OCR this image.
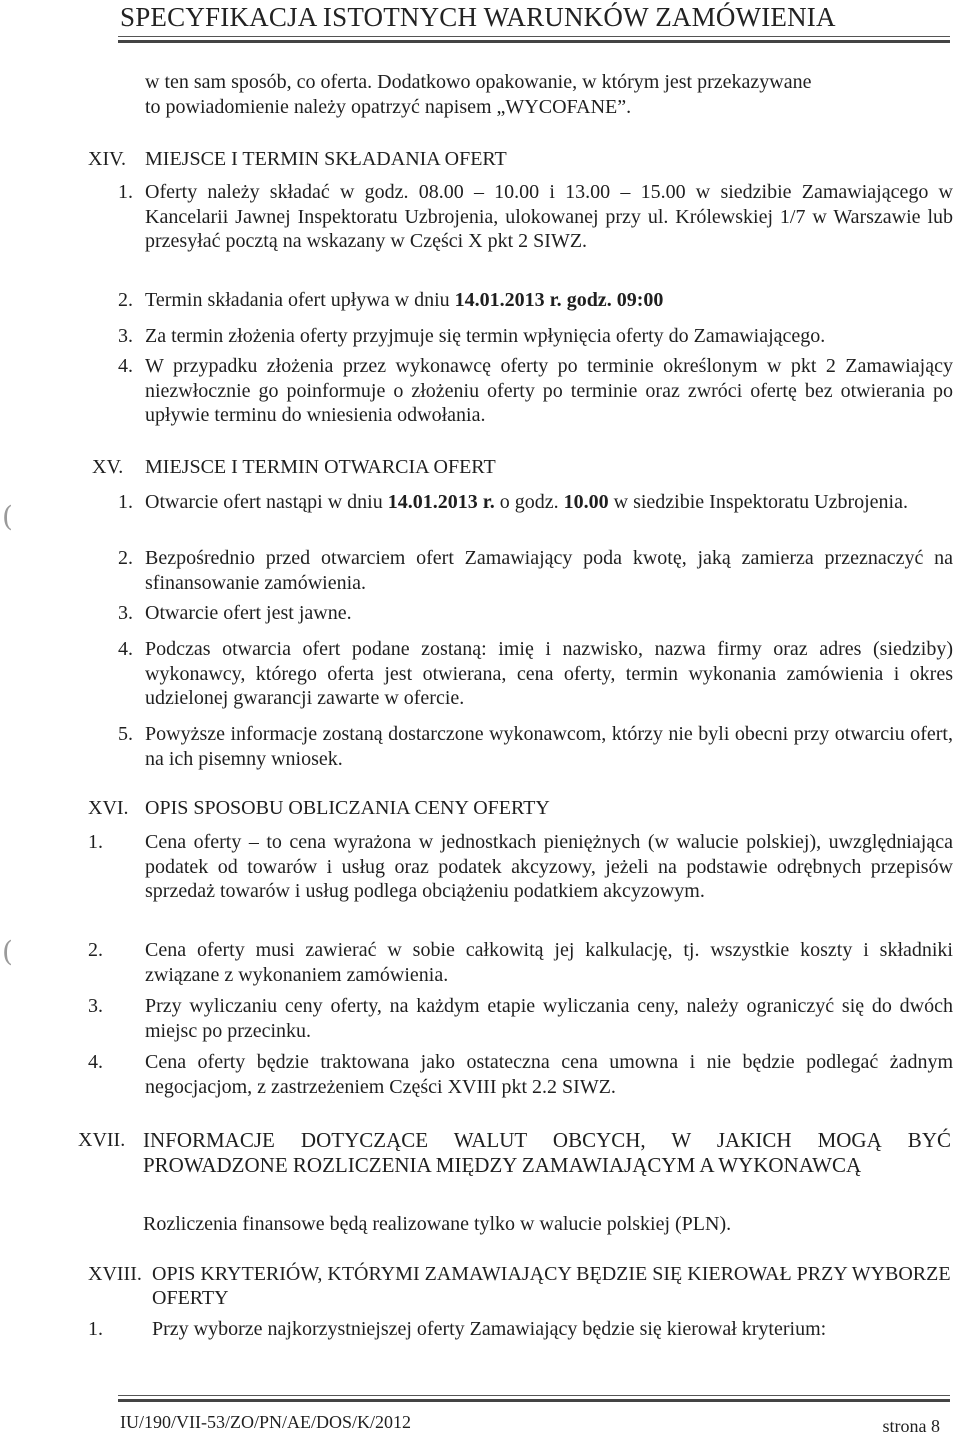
SPECYFIKACJA ISTOTNYCH WARUNKÓW ZAMÓWIENIA
w ten sam sposób, co oferta. Dodatkowo opakowanie, w którym jest przekazywane
to powiadomienie należy opatrzyć napisem „WYCOFANE”.
XIV. MIEJSCE I TERMIN SKŁADANIA OFERT
1. Oferty należy składać w godz. 08.00 – 10.00 i 13.00 – 15.00 w siedzibie Zamawiającego w Kancelarii Jawnej Inspektoratu Uzbrojenia, ulokowanej przy ul. Królewskiej 1/7 w Warszawie lub przesyłać pocztą na wskazany w Części X pkt 2 SIWZ.
2. Termin składania ofert upływa w dniu 14.01.2013 r. godz. 09:00
3. Za termin złożenia oferty przyjmuje się termin wpłynięcia oferty do Zamawiającego.
4. W przypadku złożenia przez wykonawcę oferty po terminie określonym w pkt 2 Zamawiający niezwłocznie go poinformuje o złożeniu oferty po terminie oraz zwróci ofertę bez otwierania po upływie terminu do wniesienia odwołania.
XV. MIEJSCE I TERMIN OTWARCIA OFERT
(	1. Otwarcie ofert nastąpi w dniu 14.01.2013 r. o godz. 10.00 w siedzibie Inspektoratu Uzbrojenia.
2. Bezpośrednio przed otwarciem ofert Zamawiający poda kwotę, jaką zamierza przeznaczyć na sfinansowanie zamówienia.
3. Otwarcie ofert jest jawne.
4. Podczas otwarcia ofert podane zostaną: imię i nazwisko, nazwa firmy oraz adres (siedziby) wykonawcy, którego oferta jest otwierana, cena oferty, termin wykonania zamówienia i okres udzielonej gwarancji zawarte w ofercie.
5. Powyższe informacje zostaną dostarczone wykonawcom, którzy nie byli obecni przy otwarciu ofert, na ich pisemny wniosek.
XVI. OPIS SPOSOBU OBLICZANIA CENY OFERTY
1. Cena oferty – to cena wyrażona w jednostkach pieniężnych (w walucie polskiej), uwzględniająca podatek od towarów i usług oraz podatek akcyzowy, jeżeli na podstawie odrębnych przepisów sprzedaż towarów i usług podlega obciążeniu podatkiem akcyzowym.
(	2. Cena oferty musi zawierać w sobie całkowitą jej kalkulację, tj. wszystkie koszty i składniki związane z wykonaniem zamówienia.
3. Przy wyliczaniu ceny oferty, na każdym etapie wyliczania ceny, należy ograniczyć się do dwóch miejsc po przecinku.
4. Cena oferty będzie traktowana jako ostateczna cena umowna i nie będzie podlegać żadnym negocjacjom, z zastrzeżeniem Części XVIII pkt 2.2 SIWZ.
XVII. INFORMACJE DOTYCZĄCE WALUT OBCYCH, W JAKICH MOGĄ BYĆ PROWADZONE ROZLICZENIA MIĘDZY ZAMAWIAJĄCYM A WYKONAWCĄ
Rozliczenia finansowe będą realizowane tylko w walucie polskiej (PLN).
XVIII. OPIS KRYTERIÓW, KTÓRYMI ZAMAWIAJĄCY BĘDZIE SIĘ KIEROWAŁ PRZY WYBORZE OFERTY
1. Przy wyborze najkorzystniejszej oferty Zamawiający będzie się kierował kryterium:
IU/190/VII-53/ZO/PN/AE/DOS/K/2012	strona 8
